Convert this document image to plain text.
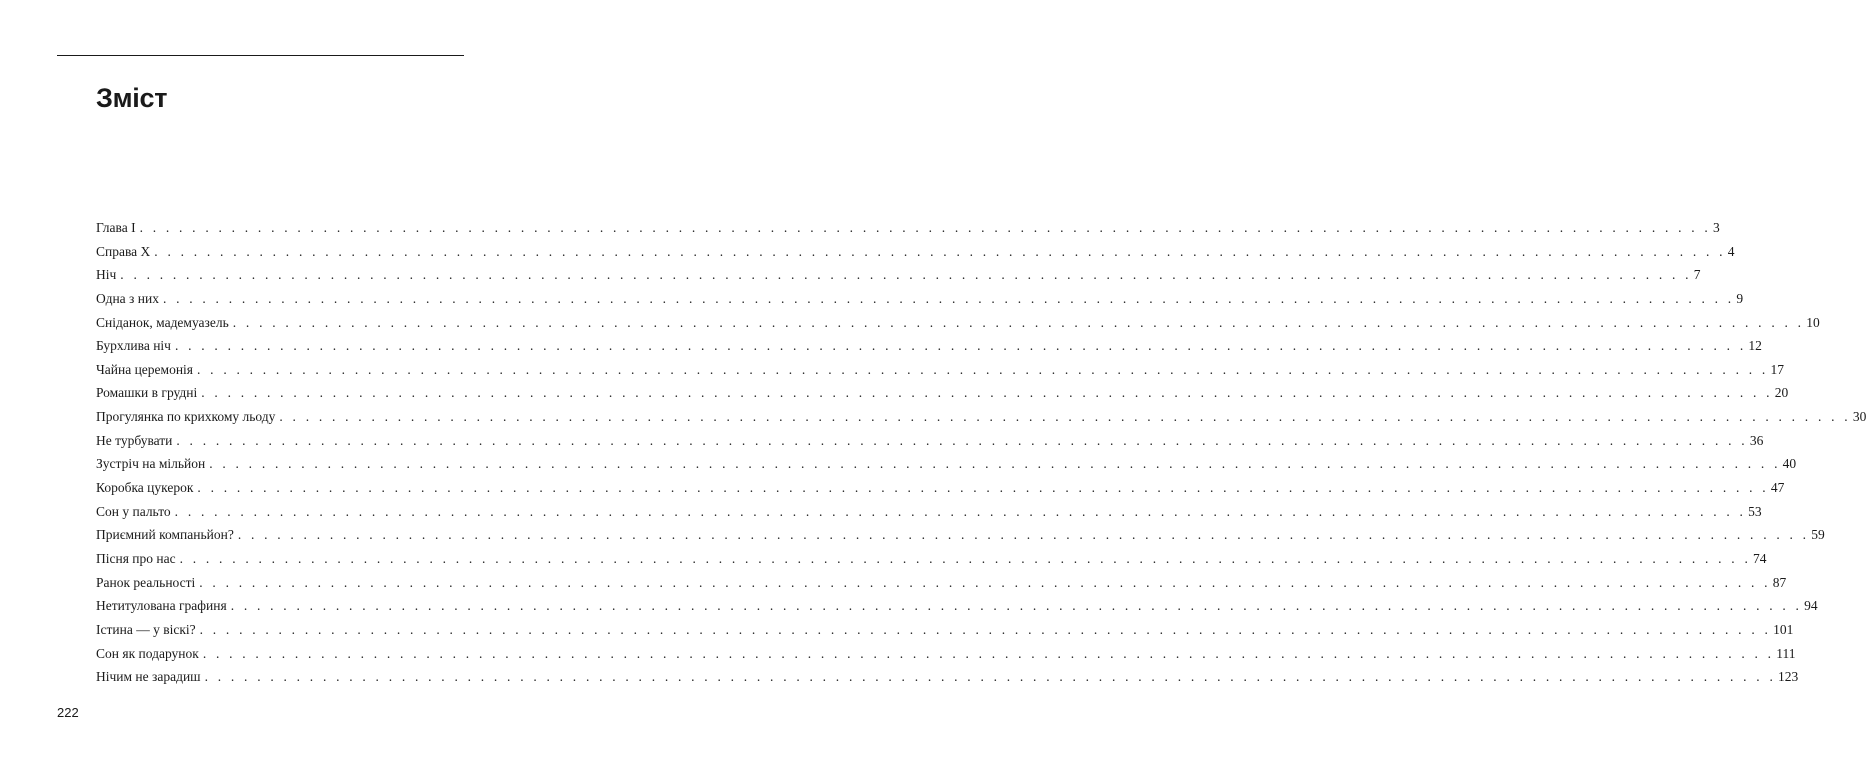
Зміст
Глава I . . . . . . . . . . . . . . . . . . . . . . . . . . . . . . . . . . . . . . . . . . . . . . . . . . . . . . . . . . . . . . . . . . . . . . . . . . . . . . . . . . . . . . . . . . . . . . . . . . . . . . . . . . . . . . . . . . . . . . . . 3
Справа X . . . . . . . . . . . . . . . . . . . . . . . . . . . . . . . . . . . . . . . . . . . . . . . . . . . . . . . . . . . . . . . . . . . . . . . . . . . . . . . . . . . . . . . . . . . . . . . . . . . . . . . . . . . . . . . . . . . . . . . . 4
Ніч . . . . . . . . . . . . . . . . . . . . . . . . . . . . . . . . . . . . . . . . . . . . . . . . . . . . . . . . . . . . . . . . . . . . . . . . . . . . . . . . . . . . . . . . . . . . . . . . . . . . . . . . . . . . . . . . . . . . . . . . 7
Одна з них . . . . . . . . . . . . . . . . . . . . . . . . . . . . . . . . . . . . . . . . . . . . . . . . . . . . . . . . . . . . . . . . . . . . . . . . . . . . . . . . . . . . . . . . . . . . . . . . . . . . . . . . . . . . . . . . . . . . . . . . 9
Сніданок, мадемуазель . . . . . . . . . . . . . . . . . . . . . . . . . . . . . . . . . . . . . . . . . . . . . . . . . . . . . . . . . . . . . . . . . . . . . . . . . . . . . . . . . . . . . . . . . . . . . . . . . . . . . . . . . . . . . . . . . . . . . . . . 10
Бурхлива ніч . . . . . . . . . . . . . . . . . . . . . . . . . . . . . . . . . . . . . . . . . . . . . . . . . . . . . . . . . . . . . . . . . . . . . . . . . . . . . . . . . . . . . . . . . . . . . . . . . . . . . . . . . . . . . . . . . . . . . . . . 12
Чайна церемонія . . . . . . . . . . . . . . . . . . . . . . . . . . . . . . . . . . . . . . . . . . . . . . . . . . . . . . . . . . . . . . . . . . . . . . . . . . . . . . . . . . . . . . . . . . . . . . . . . . . . . . . . . . . . . . . . . . . . . . . . 17
Ромашки в грудні . . . . . . . . . . . . . . . . . . . . . . . . . . . . . . . . . . . . . . . . . . . . . . . . . . . . . . . . . . . . . . . . . . . . . . . . . . . . . . . . . . . . . . . . . . . . . . . . . . . . . . . . . . . . . . . . . . . . . . . . 20
Прогулянка по крихкому льоду . . . . . . . . . . . . . . . . . . . . . . . . . . . . . . . . . . . . . . . . . . . . . . . . . . . . . . . . . . . . . . . . . . . . . . . . . . . . . . . . . . . . . . . . . . . . . . . . . . . . . . . . . . . . . . . . . . . . . . . . 30
Не турбувати . . . . . . . . . . . . . . . . . . . . . . . . . . . . . . . . . . . . . . . . . . . . . . . . . . . . . . . . . . . . . . . . . . . . . . . . . . . . . . . . . . . . . . . . . . . . . . . . . . . . . . . . . . . . . . . . . . . . . . . . 36
Зустріч на мільйон . . . . . . . . . . . . . . . . . . . . . . . . . . . . . . . . . . . . . . . . . . . . . . . . . . . . . . . . . . . . . . . . . . . . . . . . . . . . . . . . . . . . . . . . . . . . . . . . . . . . . . . . . . . . . . . . . . . . . . . . 40
Коробка цукерок . . . . . . . . . . . . . . . . . . . . . . . . . . . . . . . . . . . . . . . . . . . . . . . . . . . . . . . . . . . . . . . . . . . . . . . . . . . . . . . . . . . . . . . . . . . . . . . . . . . . . . . . . . . . . . . . . . . . . . . . 47
Сон у пальто . . . . . . . . . . . . . . . . . . . . . . . . . . . . . . . . . . . . . . . . . . . . . . . . . . . . . . . . . . . . . . . . . . . . . . . . . . . . . . . . . . . . . . . . . . . . . . . . . . . . . . . . . . . . . . . . . . . . . . . . 53
Приємний компаньйон? . . . . . . . . . . . . . . . . . . . . . . . . . . . . . . . . . . . . . . . . . . . . . . . . . . . . . . . . . . . . . . . . . . . . . . . . . . . . . . . . . . . . . . . . . . . . . . . . . . . . . . . . . . . . . . . . . . . . . . . . 59
Пісня про нас . . . . . . . . . . . . . . . . . . . . . . . . . . . . . . . . . . . . . . . . . . . . . . . . . . . . . . . . . . . . . . . . . . . . . . . . . . . . . . . . . . . . . . . . . . . . . . . . . . . . . . . . . . . . . . . . . . . . . . . . 74
Ранок реальності . . . . . . . . . . . . . . . . . . . . . . . . . . . . . . . . . . . . . . . . . . . . . . . . . . . . . . . . . . . . . . . . . . . . . . . . . . . . . . . . . . . . . . . . . . . . . . . . . . . . . . . . . . . . . . . . . . . . . . . . 87
Нетитулована графиня . . . . . . . . . . . . . . . . . . . . . . . . . . . . . . . . . . . . . . . . . . . . . . . . . . . . . . . . . . . . . . . . . . . . . . . . . . . . . . . . . . . . . . . . . . . . . . . . . . . . . . . . . . . . . . . . . . . . . . . . 94
Істина — у віскі? . . . . . . . . . . . . . . . . . . . . . . . . . . . . . . . . . . . . . . . . . . . . . . . . . . . . . . . . . . . . . . . . . . . . . . . . . . . . . . . . . . . . . . . . . . . . . . . . . . . . . . . . . . . . . . . . . . . . . . . . 101
Сон як подарунок . . . . . . . . . . . . . . . . . . . . . . . . . . . . . . . . . . . . . . . . . . . . . . . . . . . . . . . . . . . . . . . . . . . . . . . . . . . . . . . . . . . . . . . . . . . . . . . . . . . . . . . . . . . . . . . . . . . . . . . . 111
Нічим не зарадиш . . . . . . . . . . . . . . . . . . . . . . . . . . . . . . . . . . . . . . . . . . . . . . . . . . . . . . . . . . . . . . . . . . . . . . . . . . . . . . . . . . . . . . . . . . . . . . . . . . . . . . . . . . . . . . . . . . . . . . . . 123
222
